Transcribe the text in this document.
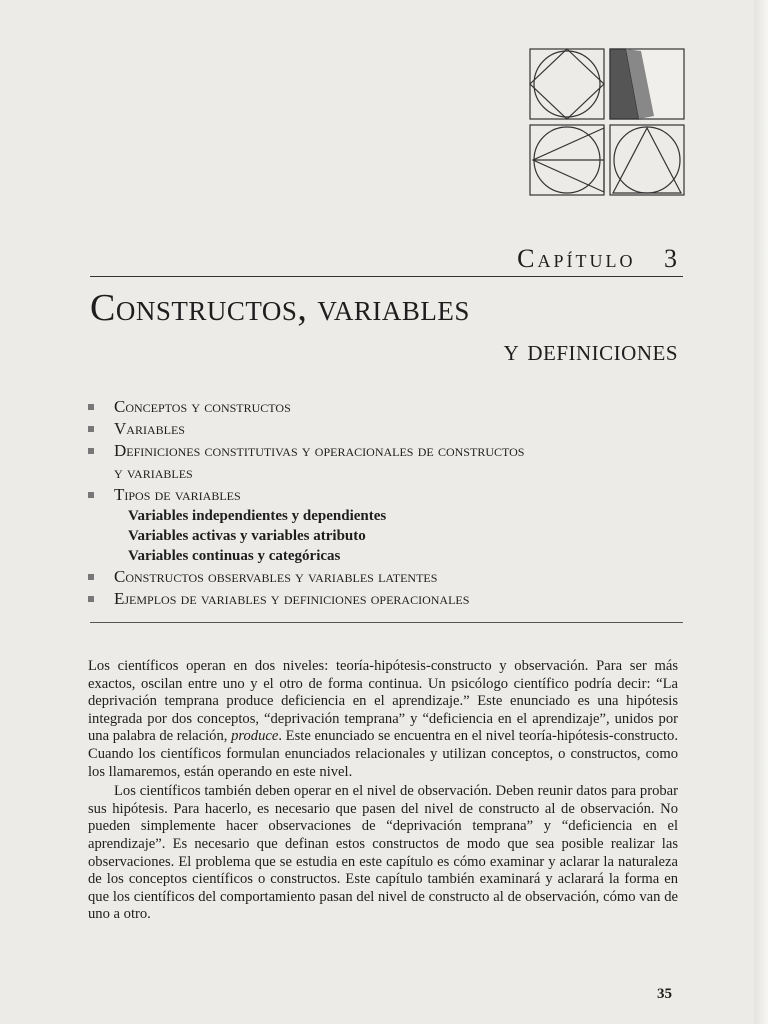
Capítulo 3
Constructos, variables
y definiciones
Conceptos y constructos
Variables
Definiciones constitutivas y operacionales de constructos
y variables
Tipos de variables
Variables independientes y dependientes
Variables activas y variables atributo
Variables continuas y categóricas
Constructos observables y variables latentes
Ejemplos de variables y definiciones operacionales

Los científicos operan en dos niveles: teoría-hipótesis-constructo y observación. Para ser más exactos, oscilan entre uno y el otro de forma continua. Un psicólogo científico podría decir: “La deprivación temprana produce deficiencia en el aprendizaje.” Este enunciado es una hipótesis integrada por dos conceptos, “deprivación temprana” y “deficiencia en el aprendizaje”, unidos por una palabra de relación, produce. Este enunciado se encuentra en el nivel teoría-hipótesis-constructo. Cuando los científicos formulan enunciados relacionales y utilizan conceptos, o constructos, como los llamaremos, están operando en este nivel.

Los científicos también deben operar en el nivel de observación. Deben reunir datos para probar sus hipótesis. Para hacerlo, es necesario que pasen del nivel de constructo al de observación. No pueden simplemente hacer observaciones de “deprivación temprana” y “deficiencia en el aprendizaje”. Es necesario que definan estos constructos de modo que sea posible realizar las observaciones. El problema que se estudia en este capítulo es cómo examinar y aclarar la naturaleza de los conceptos científicos o constructos. Este capítulo también examinará y aclarará la forma en que los científicos del comportamiento pasan del nivel de constructo al de observación, cómo van de uno a otro.

35
